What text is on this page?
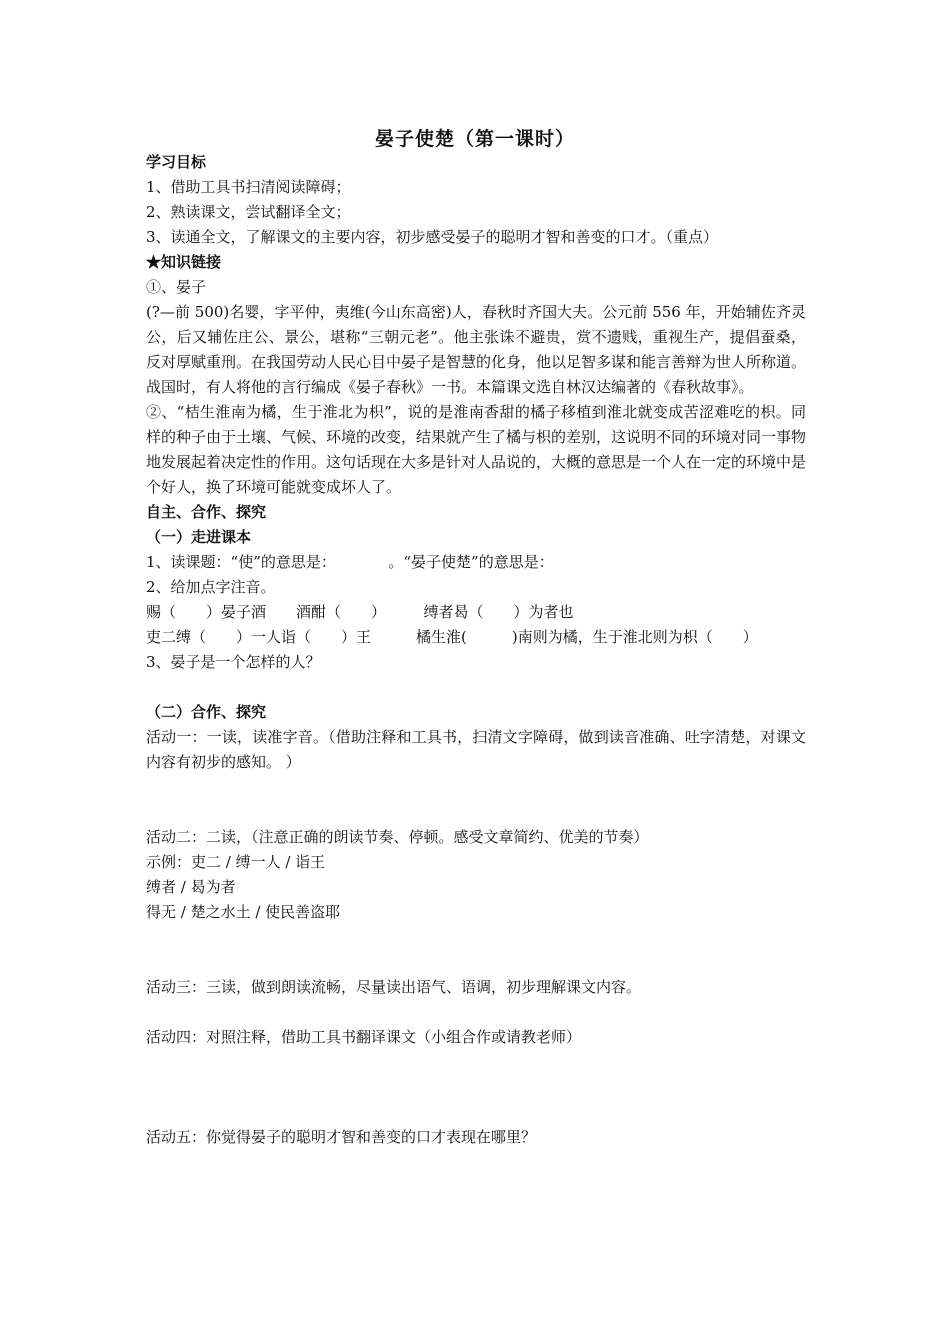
晏子使楚（第一课时）
学习目标
1、借助工具书扫清阅读障碍；
2、熟读课文，尝试翻译全文；
3、读通全文，了解课文的主要内容，初步感受晏子的聪明才智和善变的口才。（重点）
★知识链接
①、晏子
(?—前 500)名婴，字平仲，夷维(今山东高密)人，春秋时齐国大夫。公元前 556 年，开始辅佐齐灵公，后又辅佐庄公、景公，堪称“三朝元老”。他主张诛不避贵，赏不遗贱，重视生产，提倡蚕桑，反对厚赋重刑。在我国劳动人民心目中晏子是智慧的化身，他以足智多谋和能言善辩为世人所称道。战国时，有人将他的言行编成《晏子春秋》一书。本篇课文选自林汉达编著的《春秋故事》。
②、“桔生淮南为橘，生于淮北为枳”，说的是淮南香甜的橘子移植到淮北就变成苦涩难吃的枳。同样的种子由于土壤、气候、环境的改变，结果就产生了橘与枳的差别，这说明不同的环境对同一事物地发展起着决定性的作用。这句话现在大多是针对人品说的，大概的意思是一个人在一定的环境中是个好人，换了环境可能就变成坏人了。
自主、合作、探究
（一）走进课本
1、读课题：“使”的意思是：　　　　。“晏子使楚”的意思是：
2、给加点字注音。
赐（　　）晏子酒　　酒酣（　　）　　　缚者曷（　　）为者也
吏二缚（　　）一人诣（　　）王　　　橘生淮(　　　)南则为橘，生于淮北则为枳（　　）
3、晏子是一个怎样的人？
（二）合作、探究
活动一：一读，读准字音。（借助注释和工具书，扫清文字障碍，做到读音准确、吐字清楚，对课文内容有初步的感知。 ）
活动二：二读，（注意正确的朗读节奏、停顿。感受文章简约、优美的节奏）
示例：吏二 / 缚一人 / 诣王
缚者 / 曷为者
得无 / 楚之水土 / 使民善盗耶
活动三：三读，做到朗读流畅，尽量读出语气、语调，初步理解课文内容。
活动四：对照注释，借助工具书翻译课文（小组合作或请教老师）
活动五：你觉得晏子的聪明才智和善变的口才表现在哪里？
